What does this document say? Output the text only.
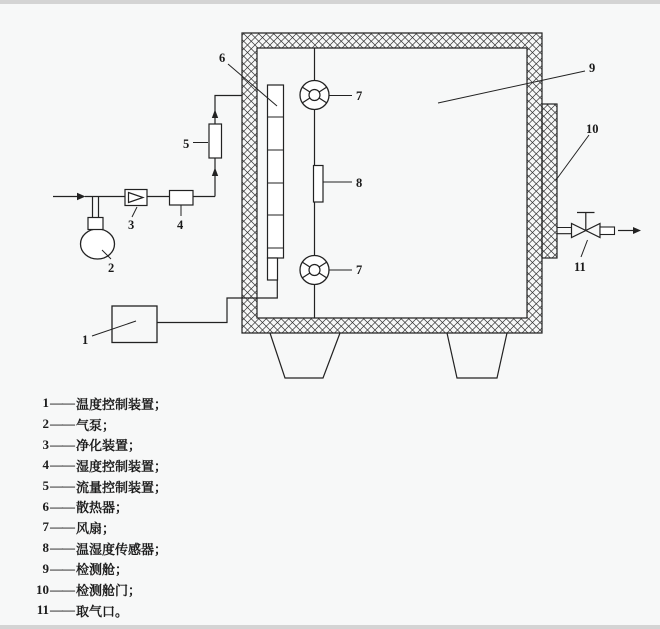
1
2
3	4
5
6
7
8
7
9
10
11
1 —— 温度控制装置；
2 —— 气泵；
3 —— 净化装置；
4 —— 湿度控制装置；
5 —— 流量控制装置；
6 —— 散热器；
7 —— 风扇；
8 —— 温湿度传感器；
9 —— 检测舱；
10 —— 检测舱门；
11 —— 取气口。
